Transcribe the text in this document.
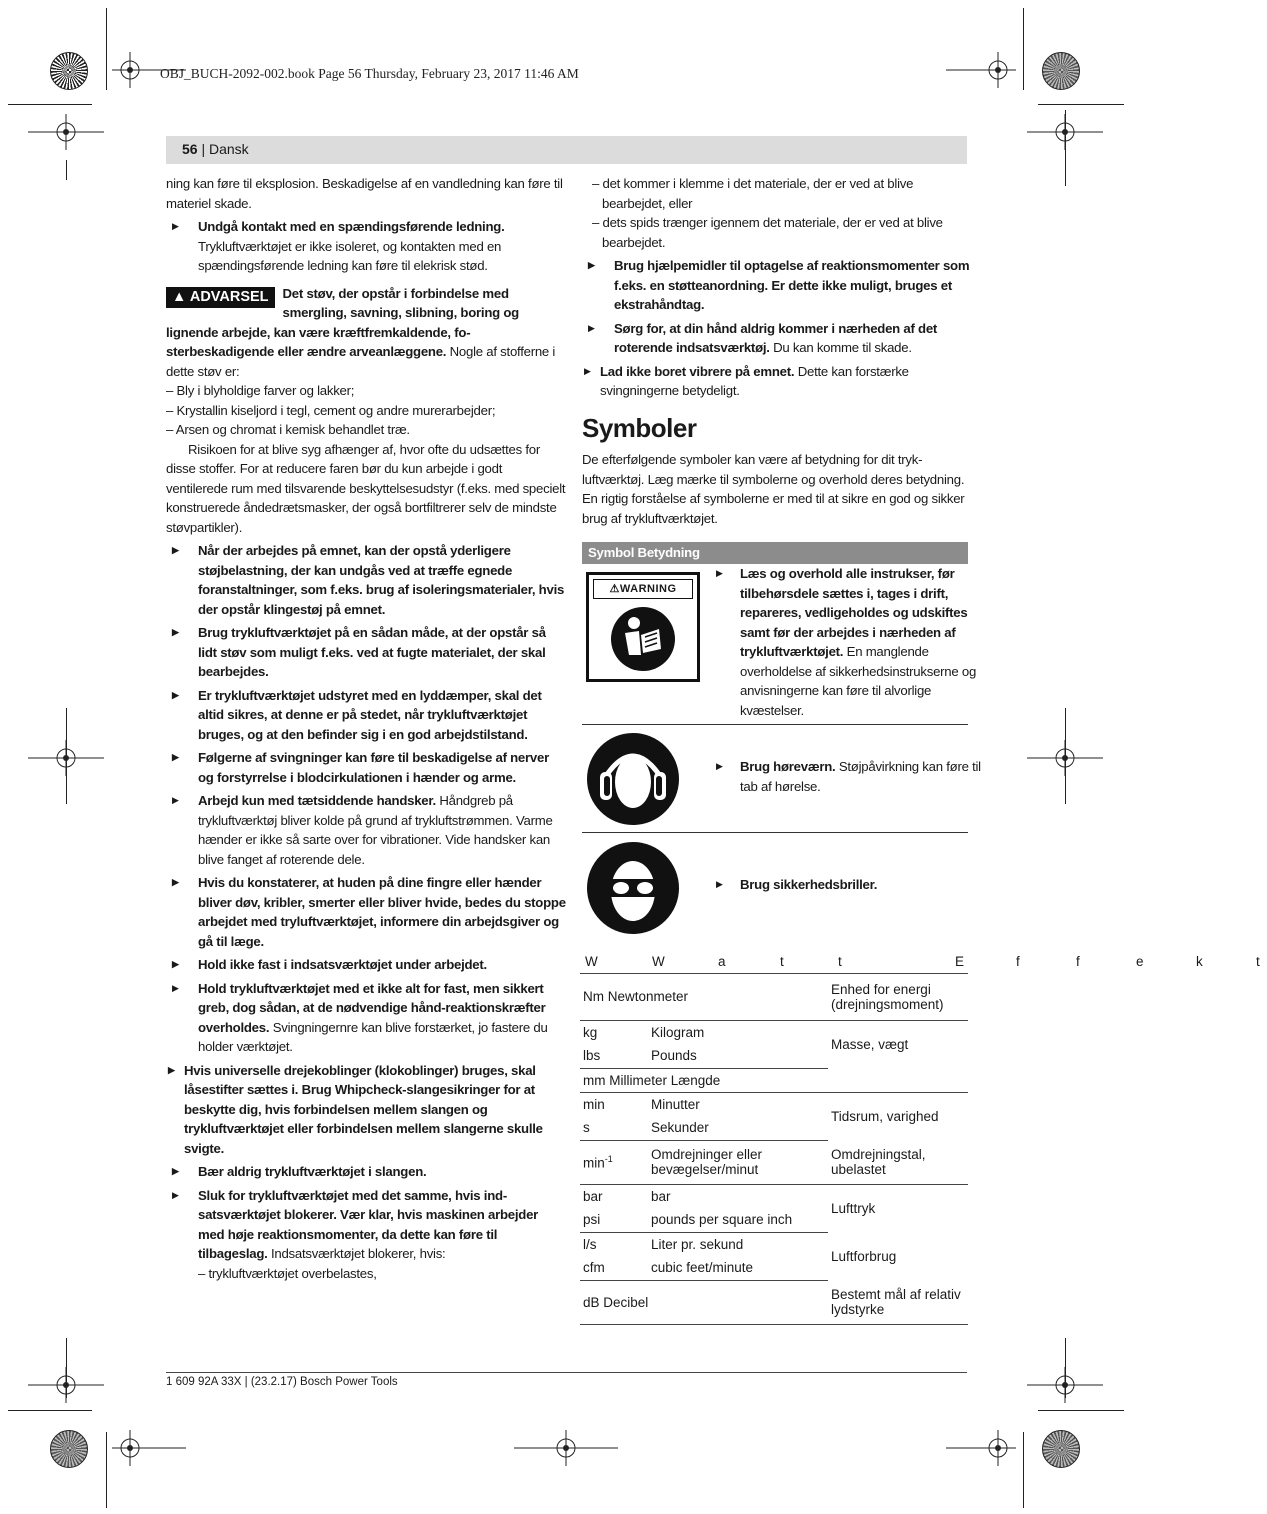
OBJ_BUCH-2092-002.book Page 56 Thursday, February 23, 2017 11:46 AM
56 | Dansk

ning kan føre til eksplosion. Beskadigelse af en vandledning kan føre til materiel skade.

▶ Undgå kontakt med en spændingsførende ledning. Trykluftværktøjet er ikke isoleret, og kontakten med en spændingsførende ledning kan føre til elekrisk stød.

▲ ADVARSEL	Det støv, der opstår i forbindelse med smergling, savning, slibning, boring og lignende arbejde, kan være kræftfremkaldende, fosterbeskadigende eller ændre arveanlæggene. Nogle af stofferne i dette støv er:

– Bly i blyholdige farver og lakker;

– Krystallin kiseljord i tegl, cement og andre murerarbejder;

– Arsen og chromat i kemisk behandlet træ.

Risikoen for at blive syg afhænger af, hvor ofte du udsættes for disse stoffer. For at reducere faren bør du kun arbejde i godt ventilerede rum med tilsvarende beskyttelsesudstyr (f.eks. med specielt konstruerede åndedrætsmasker, der også bortfiltrerer selv de mindste støvpartikler).

▶ Når der arbejdes på emnet, kan der opstå yderligere støjbelastning, der kan undgås ved at træffe egnede foranstaltninger, som f.eks. brug af isoleringsmaterialer, hvis der opstår klingestøj på emnet.

▶ Brug trykluftværktøjet på en sådan måde, at der opstår så lidt støv som muligt f.eks. ved at fugte materialet, der skal bearbejdes.

▶ Er trykluftværktøjet udstyret med en lyddæmper, skal det altid sikres, at denne er på stedet, når trykluftværktøjet bruges, og at den befinder sig i en god arbejdstilstand.

▶ Følgerne af svingninger kan føre til beskadigelse af nerver og forstyrrelse i blodcirkulationen i hænder og arme.

▶ Arbejd kun med tætsiddende handsker. Håndgreb på trykluftværktøj bliver kolde på grund af trykluftstrømmen. Varme hænder er ikke så sarte over for vibrationer. Vide handsker kan blive fanget af roterende dele.

▶ Hvis du konstaterer, at huden på dine fingre eller hænder bliver døv, kribler, smerter eller bliver hvide, bedes du stoppe arbejdet med tryluftværktøjet, informere din arbejdsgiver og gå til læge.

▶ Hold ikke fast i indsatsværktøjet under arbejdet.

▶ Hold trykluftværktøjet med et ikke alt for fast, men sikkert greb, dog sådan, at de nødvendige hånd-reaktionskræfter overholdes. Svingningernre kan blive forstærket, jo fastere du holder værktøjet.

▶ Hvis universelle drejekoblinger (klokoblinger) bruges, skal låsestifter sættes i. Brug Whipcheck-slangesikringer for at beskytte dig, hvis forbindelsen mellem slangen og trykluftværktøjet eller forbindelsen mellem slangerne skulle svigte.

▶ Bær aldrig trykluftværktøjet i slangen.

▶ Sluk for trykluftværktøjet med det samme, hvis indsatsværktøjet blokerer. Vær klar, hvis maskinen arbejder med høje reaktionsmomenter, da dette kan føre til tilbageslag. Indsatsværktøjet blokerer, hvis:
– trykluftværktøjet overbelastes,

– det kommer i klemme i det materiale, der er ved at blive bearbejdet, eller

– dets spids trænger igennem det materiale, der er ved at blive bearbejdet.

▶ Brug hjælpemidler til optagelse af reaktionsmomenter som f.eks. en støtteanordning. Er dette ikke muligt, bruges et ekstrahåndtag.

▶ Sørg for, at din hånd aldrig kommer i nærheden af det roterende indsatsværktøj. Du kan komme til skade.

▶ Lad ikke boret vibrere på emnet. Dette kan forstærke svingningerne betydeligt.

Symboler

De efterfølgende symboler kan være af betydning for dit trykluftværktøj. Læg mærke til symbolerne og overhold deres betydning. En rigtig forståelse af symbolerne er med til at sikre en god og sikker brug af trykluftværktøjet.

Symbol Betydning
⚠WARNING

▶ Læs og overhold alle instrukser, før tilbehørsdele sættes i, tages i drift, repareres, vedligeholdes og udskiftes samt før der arbejdes i nærheden af trykluftværktøjet. En manglende overholdelse af sikkerhedsinstrukserne og anvisningerne kan føre til alvorlige kvæstelser.

▶ Brug høreværn. Støjpåvirkning kan føre til tab af hørelse.

▶ Brug sikkerhedsbriller.

W	W	a	t	t	E	f	f	e	k	t
Nm Newtonmeter		Enhed for energi (drejningsmoment)
kg	Kilogram	Masse, vægt
lbs	Pounds	
mm Millimeter Længde		
min	Minutter	Tidsrum, varighed
s	Sekunder	
$\min^{-1}$	Omdrejninger eller bevægelser/minut	Omdrejningstal, ubelastet
bar	bar	Lufttryk
psi	pounds per square inch	
l/s	Liter pr. sekund	Luftforbrug
cfm	cubic feet/minute	
dB Decibel		Bestemt mål af relativ lydstyrke
1 609 92A 33X | (23.2.17) Bosch Power Tools
